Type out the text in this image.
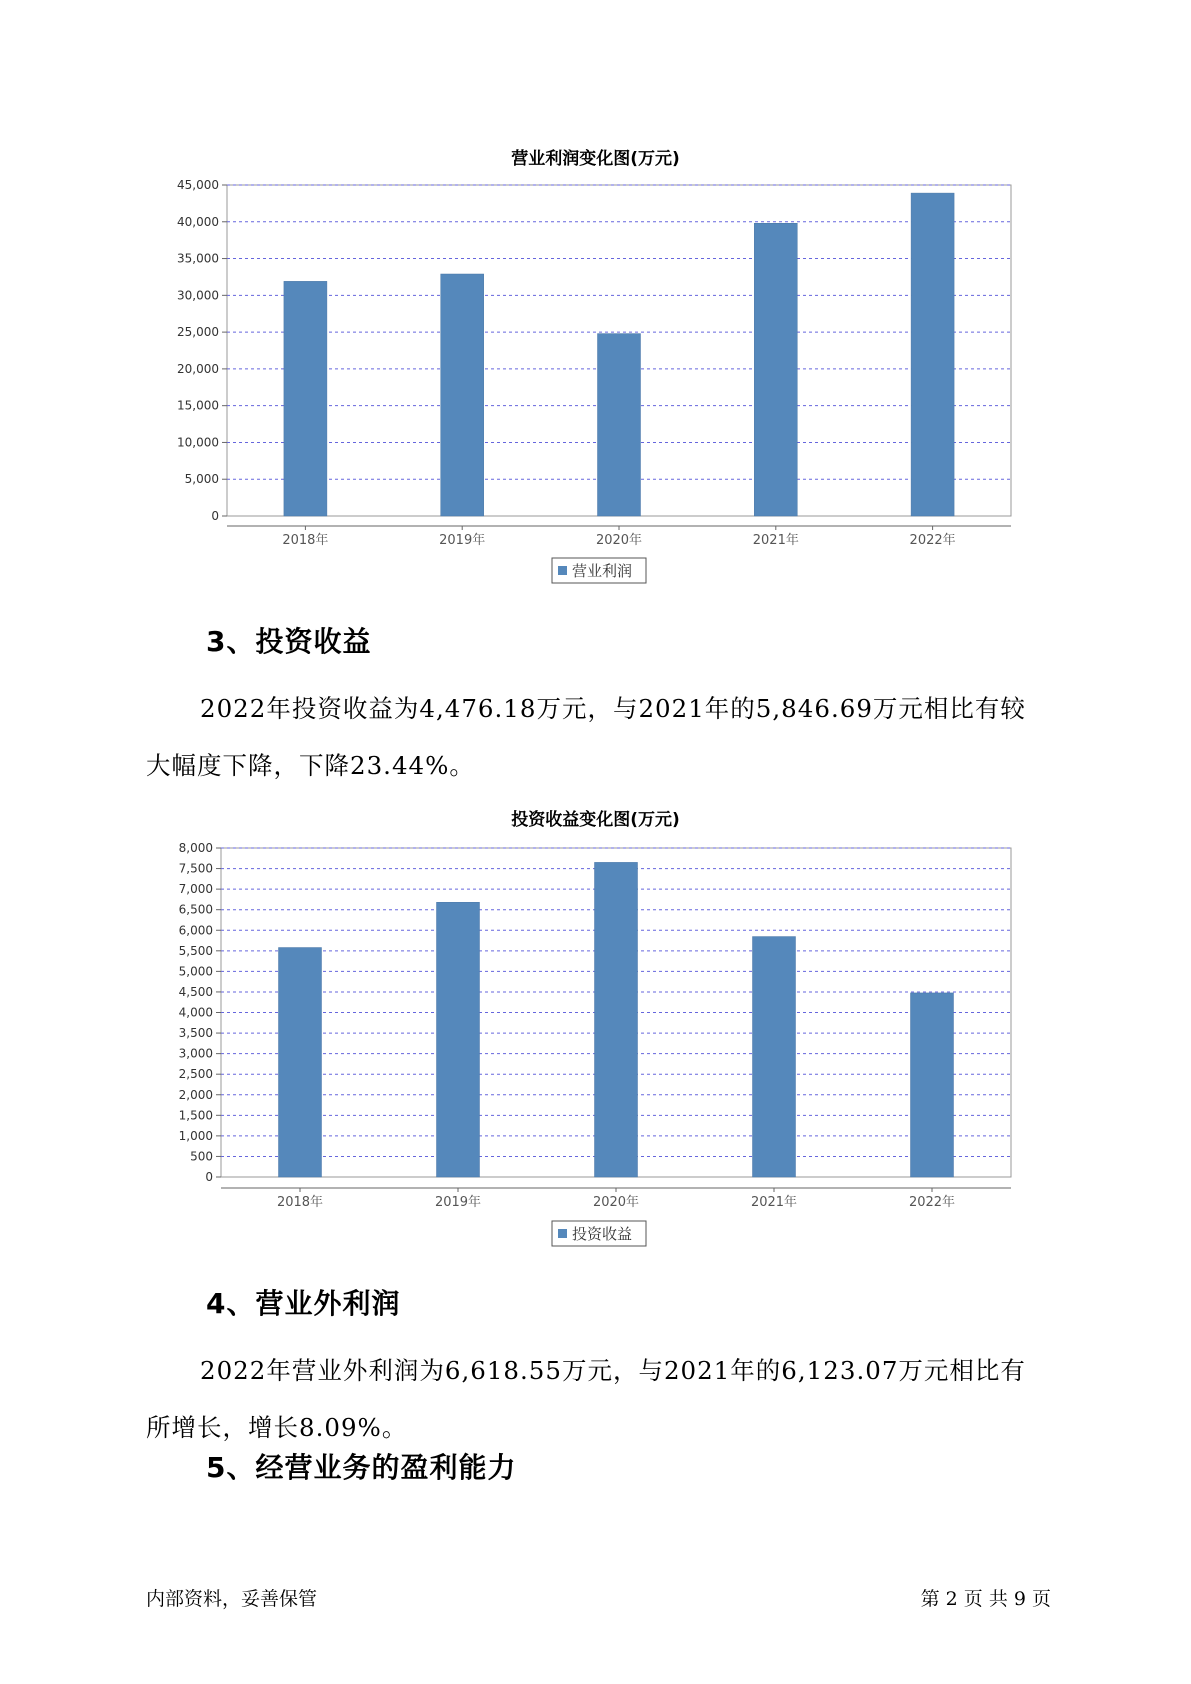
营业利润变化图(万元)
0
5,000
10,000
15,000
20,000
25,000
30,000
35,000
40,000
45,000
2018年	2019年	2020年	2021年	2022年
营业利润
3、投资收益
2022年投资收益为4,476.18万元，与2021年的5,846.69万元相比有较大幅度下降，下降23.44%。
投资收益变化图(万元)
0
500
1,000
1,500
2,000
2,500
3,000
3,500
4,000
4,500
5,000
5,500
6,000
6,500
7,000
7,500
8,000
2018年	2019年	2020年	2021年	2022年
投资收益
4、营业外利润
2022年营业外利润为6,618.55万元，与2021年的6,123.07万元相比有所增长，增长8.09%。
5、经营业务的盈利能力
内部资料，妥善保管	第 2 页 共 9 页
